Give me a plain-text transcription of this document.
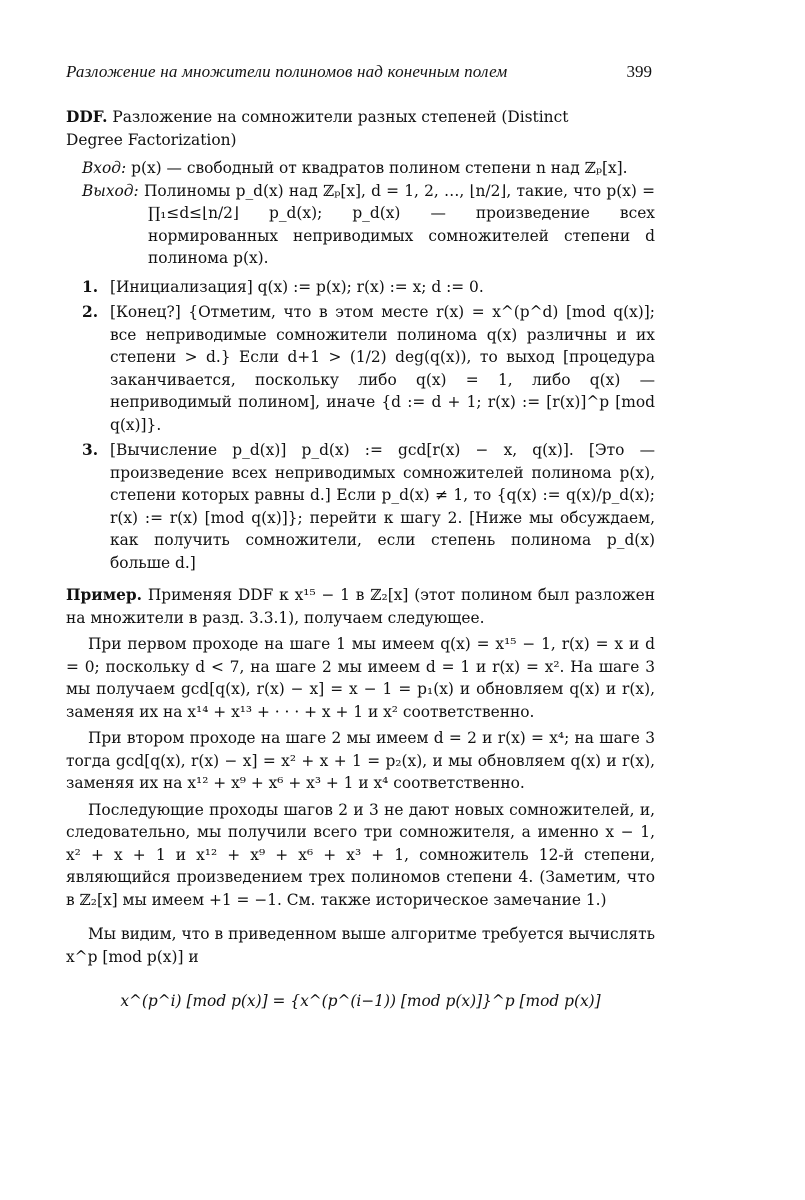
Разложение на множители полиномов над конечным полем	399

DDF. Разложение на сомножители разных степеней (Distinct
Degree Factorization)

Вход: p(x) — свободный от квадратов полином степени n над ℤₚ[x].

Выход: Полиномы p_d(x) над ℤₚ[x], d = 1, 2, …, ⌊n/2⌋, такие, что p(x) = ∏₁≤d≤⌊n/2⌋ p_d(x); p_d(x) — произведение всех нормированных неприводимых сомножителей степени d полинома p(x).

1. [Инициализация] q(x) := p(x); r(x) := x; d := 0.
2. [Конец?] {Отметим, что в этом месте r(x) = x^(p^d) [mod q(x)]; все неприводимые сомножители полинома q(x) различны и их степени > d.} Если d+1 > (1/2) deg(q(x)), то выход [процедура заканчивается, поскольку либо q(x) = 1, либо q(x) — неприводимый полином], иначе {d := d + 1; r(x) := [r(x)]^p [mod q(x)]}.
3. [Вычисление p_d(x)] p_d(x) := gcd[r(x) − x, q(x)]. [Это — произведение всех неприводимых сомножителей полинома p(x), степени которых равны d.] Если p_d(x) ≠ 1, то {q(x) := q(x)/p_d(x); r(x) := r(x) [mod q(x)]}; перейти к шагу 2. [Ниже мы обсуждаем, как получить сомножители, если степень полинома p_d(x) больше d.]

Пример. Применяя DDF к x¹⁵ − 1 в ℤ₂[x] (этот полином был разложен на множители в разд. 3.3.1), получаем следующее.

При первом проходе на шаге 1 мы имеем q(x) = x¹⁵ − 1, r(x) = x и d = 0; поскольку d < 7, на шаге 2 мы имеем d = 1 и r(x) = x². На шаге 3 мы получаем gcd[q(x), r(x) − x] = x − 1 = p₁(x) и обновляем q(x) и r(x), заменяя их на x¹⁴ + x¹³ + · · · + x + 1 и x² соответственно.

При втором проходе на шаге 2 мы имеем d = 2 и r(x) = x⁴; на шаге 3 тогда gcd[q(x), r(x) − x] = x² + x + 1 = p₂(x), и мы обновляем q(x) и r(x), заменяя их на x¹² + x⁹ + x⁶ + x³ + 1 и x⁴ соответственно.

Последующие проходы шагов 2 и 3 не дают новых сомножителей, и, следовательно, мы получили всего три сомножителя, а именно x − 1, x² + x + 1 и x¹² + x⁹ + x⁶ + x³ + 1, сомножитель 12-й степени, являющийся произведением трех полиномов степени 4. (Заметим, что в ℤ₂[x] мы имеем +1 = −1. См. также историческое замечание 1.)

Мы видим, что в приведенном выше алгоритме требуется вычислять x^p [mod p(x)] и

x^(p^i) [mod p(x)] = {x^(p^(i−1)) [mod p(x)]}^p [mod p(x)]
